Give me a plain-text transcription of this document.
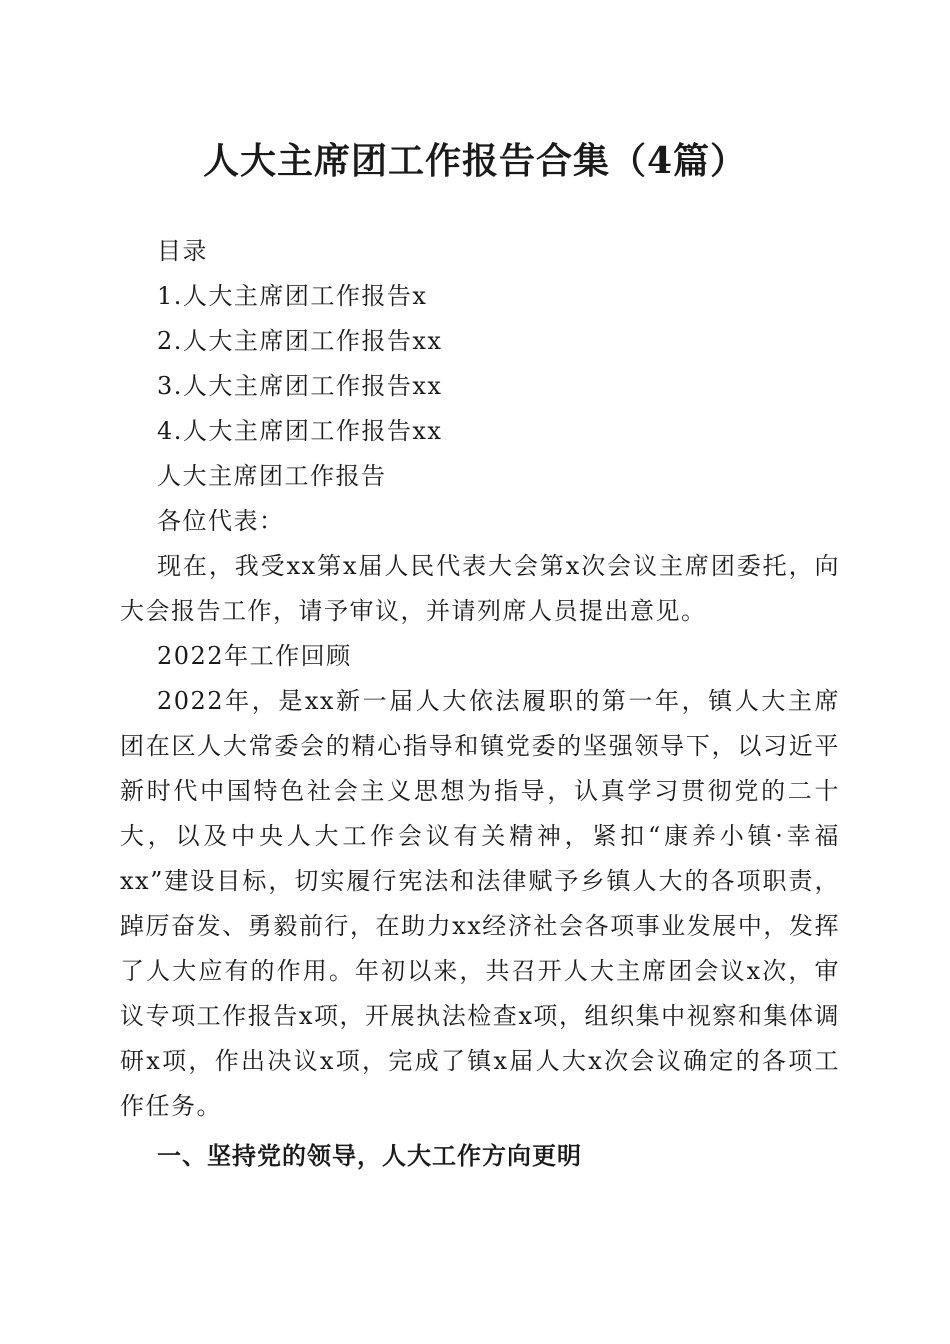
人大主席团工作报告合集（4篇）

目录

1.人大主席团工作报告x

2.人大主席团工作报告xx

3.人大主席团工作报告xx

4.人大主席团工作报告xx

人大主席团工作报告

各位代表：

现在，我受xx第x届人民代表大会第x次会议主席团委托，向大会报告工作，请予审议，并请列席人员提出意见。

2022年工作回顾

2022年，是xx新一届人大依法履职的第一年，镇人大主席团在区人大常委会的精心指导和镇党委的坚强领导下，以习近平新时代中国特色社会主义思想为指导，认真学习贯彻党的二十大，以及中央人大工作会议有关精神，紧扣“康养小镇·幸福xx”建设目标，切实履行宪法和法律赋予乡镇人大的各项职责，踔厉奋发、勇毅前行，在助力xx经济社会各项事业发展中，发挥了人大应有的作用。年初以来，共召开人大主席团会议x次，审议专项工作报告x项，开展执法检查x项，组织集中视察和集体调研x项，作出决议x项，完成了镇x届人大x次会议确定的各项工作任务。

一、坚持党的领导，人大工作方向更明
